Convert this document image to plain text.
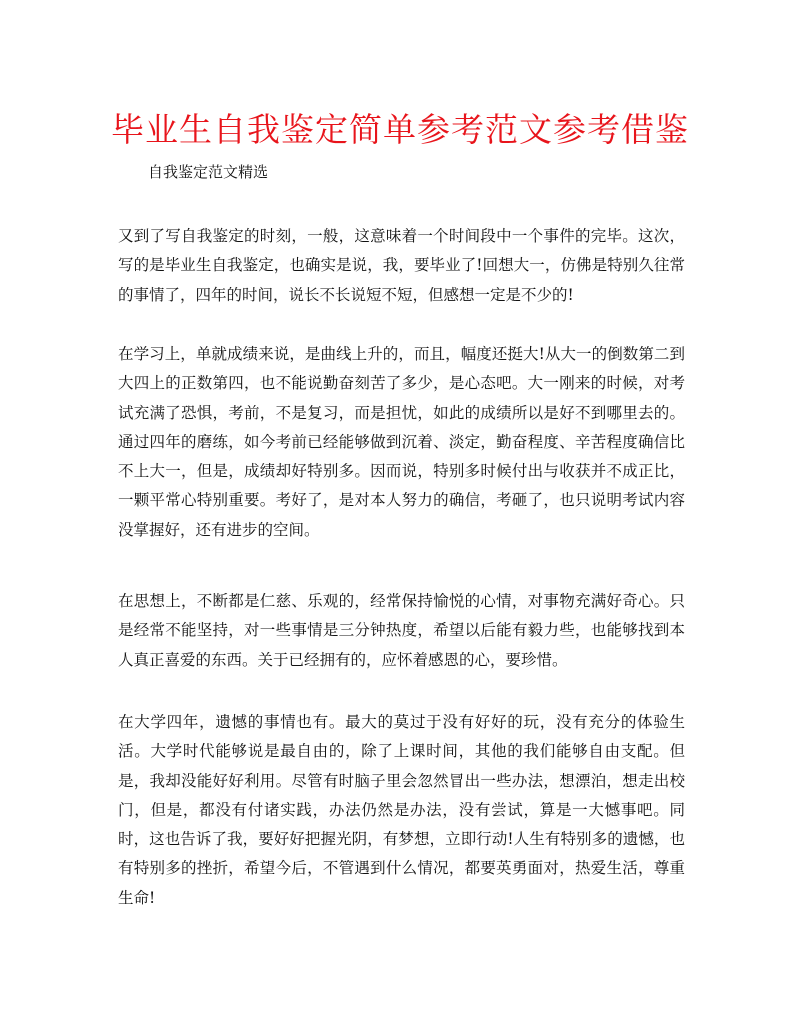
毕业生自我鉴定简单参考范文参考借鉴

自我鉴定范文精选

又到了写自我鉴定的时刻，一般，这意味着一个时间段中一个事件的完毕。这次，写的是毕业生自我鉴定，也确实是说，我，要毕业了!回想大一，仿佛是特别久往常的事情了，四年的时间，说长不长说短不短，但感想一定是不少的!

在学习上，单就成绩来说，是曲线上升的，而且，幅度还挺大!从大一的倒数第二到大四上的正数第四，也不能说勤奋刻苦了多少，是心态吧。大一刚来的时候，对考试充满了恐惧，考前，不是复习，而是担忧，如此的成绩所以是好不到哪里去的。通过四年的磨练，如今考前已经能够做到沉着、淡定，勤奋程度、辛苦程度确信比不上大一，但是，成绩却好特别多。因而说，特别多时候付出与收获并不成正比，一颗平常心特别重要。考好了，是对本人努力的确信，考砸了，也只说明考试内容没掌握好，还有进步的空间。

在思想上，不断都是仁慈、乐观的，经常保持愉悦的心情，对事物充满好奇心。只是经常不能坚持，对一些事情是三分钟热度，希望以后能有毅力些，也能够找到本人真正喜爱的东西。关于已经拥有的，应怀着感恩的心，要珍惜。

在大学四年，遗憾的事情也有。最大的莫过于没有好好的玩，没有充分的体验生活。大学时代能够说是最自由的，除了上课时间，其他的我们能够自由支配。但是，我却没能好好利用。尽管有时脑子里会忽然冒出一些办法，想漂泊，想走出校门，但是，都没有付诸实践，办法仍然是办法，没有尝试，算是一大憾事吧。同时，这也告诉了我，要好好把握光阴，有梦想，立即行动!人生有特别多的遗憾，也有特别多的挫折，希望今后，不管遇到什么情况，都要英勇面对，热爱生活，尊重生命!
